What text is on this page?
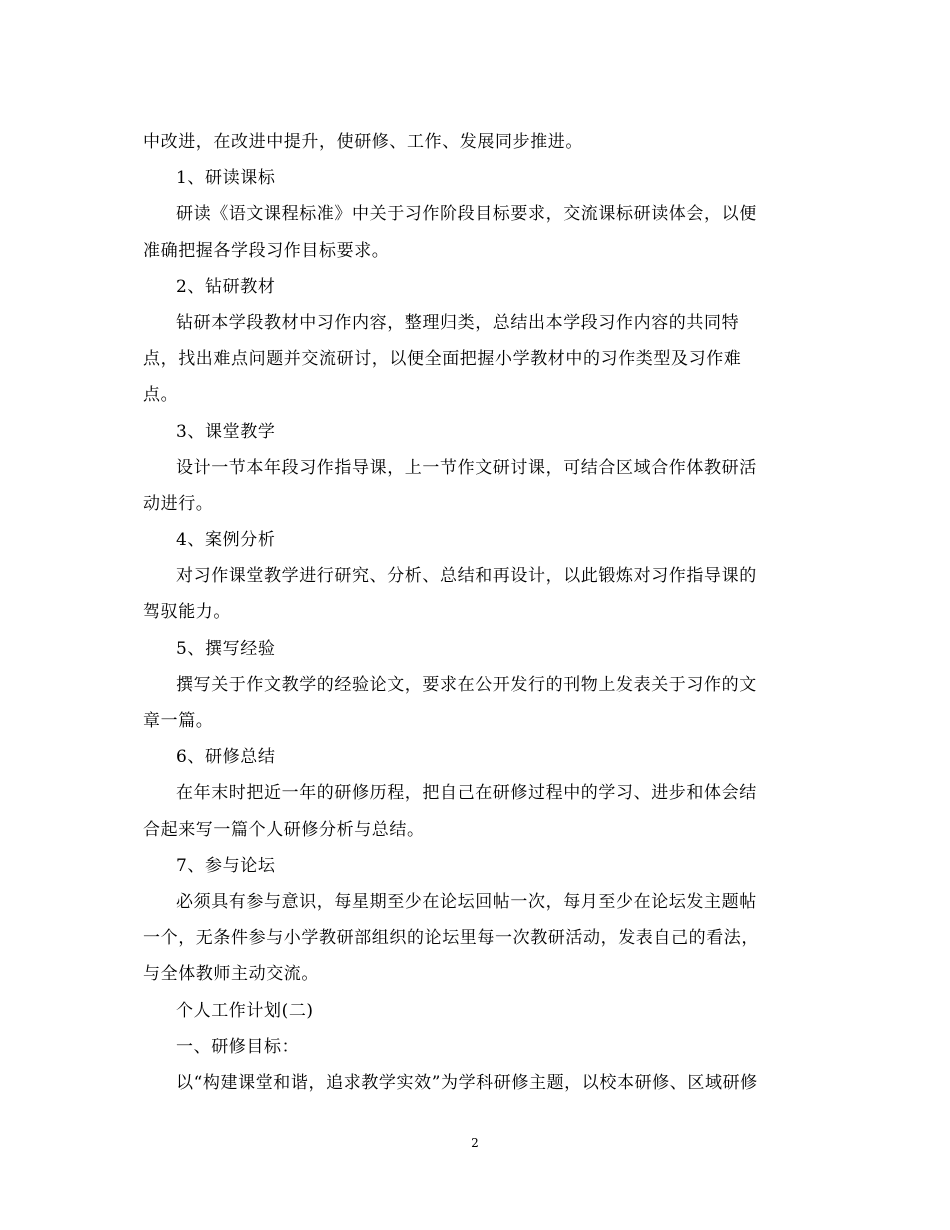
中改进，在改进中提升，使研修、工作、发展同步推进。
1、研读课标
研读《语文课程标准》中关于习作阶段目标要求，交流课标研读体会，以便
准确把握各学段习作目标要求。
2、钻研教材
钻研本学段教材中习作内容，整理归类，总结出本学段习作内容的共同特
点，找出难点问题并交流研讨，以便全面把握小学教材中的习作类型及习作难
点。
3、课堂教学
设计一节本年段习作指导课，上一节作文研讨课，可结合区域合作体教研活
动进行。
4、案例分析
对习作课堂教学进行研究、分析、总结和再设计，以此锻炼对习作指导课的
驾驭能力。
5、撰写经验
撰写关于作文教学的经验论文，要求在公开发行的刊物上发表关于习作的文
章一篇。
6、研修总结
在年末时把近一年的研修历程，把自己在研修过程中的学习、进步和体会结
合起来写一篇个人研修分析与总结。
7、参与论坛
必须具有参与意识，每星期至少在论坛回帖一次，每月至少在论坛发主题帖
一个，无条件参与小学教研部组织的论坛里每一次教研活动，发表自己的看法，
与全体教师主动交流。
个人工作计划(二)
一、研修目标：
以“构建课堂和谐，追求教学实效”为学科研修主题，以校本研修、区域研修
2
